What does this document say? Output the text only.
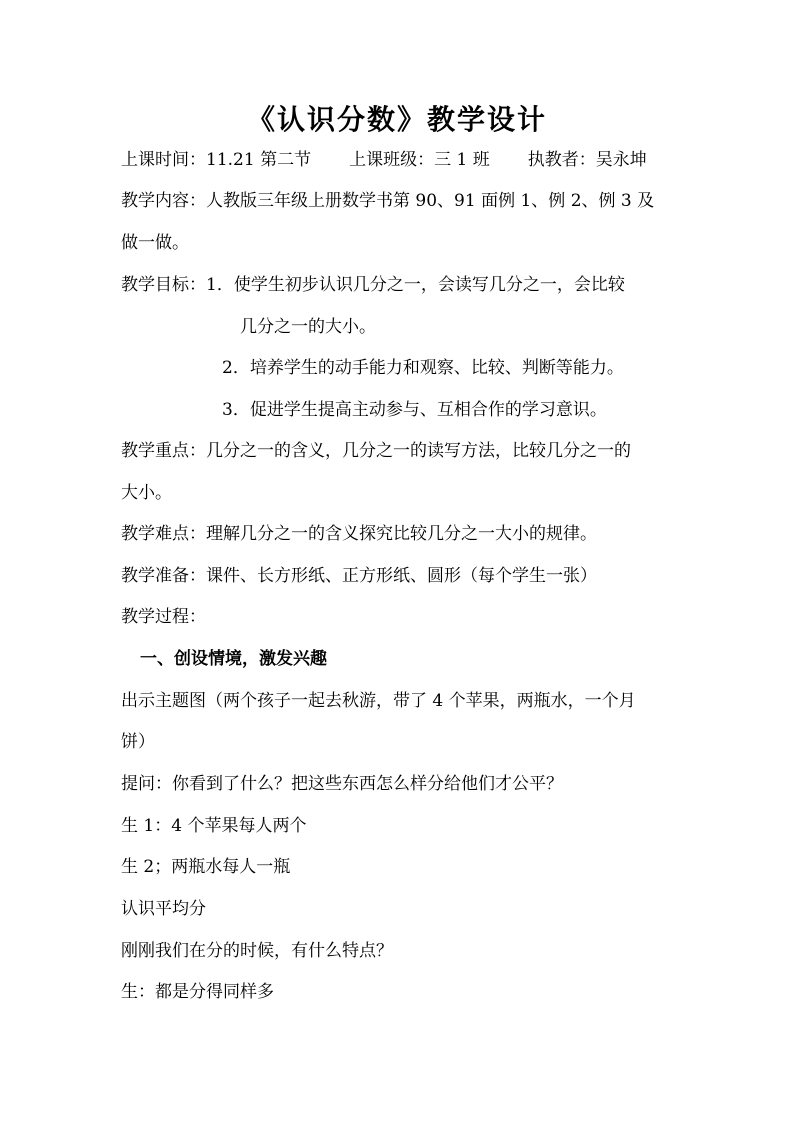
《认识分数》教学设计
上课时间：11.21 第二节 上课班级：三 1 班 执教者：吴永坤
教学内容：人教版三年级上册数学书第 90、91 面例 1、例 2、例 3 及
做一做。
教学目标：1．使学生初步认识几分之一，会读写几分之一，会比较
几分之一的大小。
2．培养学生的动手能力和观察、比较、判断等能力。
3．促进学生提高主动参与、互相合作的学习意识。
教学重点：几分之一的含义，几分之一的读写方法，比较几分之一的
大小。
教学难点：理解几分之一的含义探究比较几分之一大小的规律。
教学准备：课件、长方形纸、正方形纸、圆形（每个学生一张）
教学过程：
一、创设情境，激发兴趣
出示主题图（两个孩子一起去秋游，带了 4 个苹果，两瓶水，一个月
饼）
提问：你看到了什么？把这些东西怎么样分给他们才公平？
生 1：4 个苹果每人两个
生 2；两瓶水每人一瓶
认识平均分
刚刚我们在分的时候，有什么特点？
生：都是分得同样多
